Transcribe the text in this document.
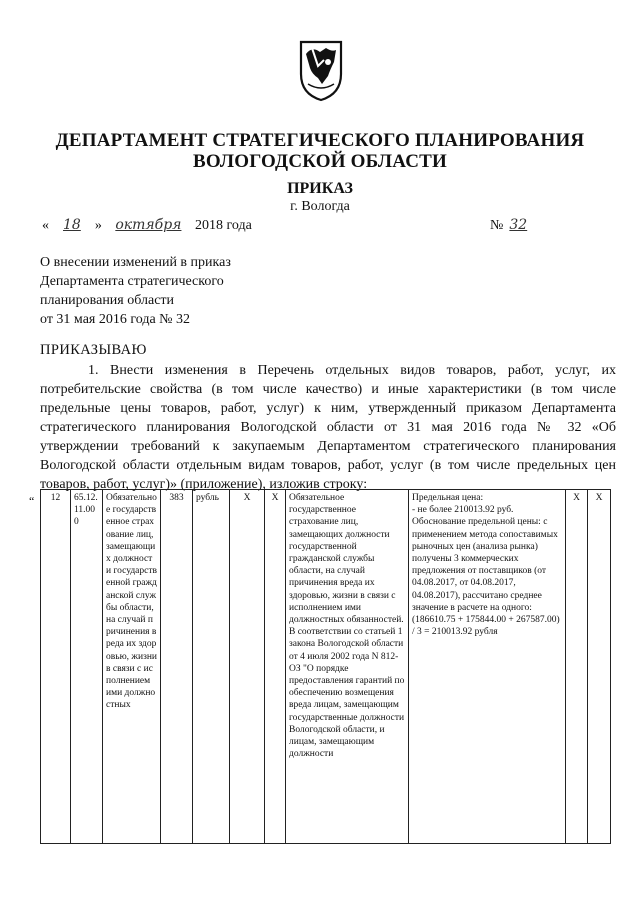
ДЕПАРТАМЕНТ СТРАТЕГИЧЕСКОГО ПЛАНИРОВАНИЯ
ВОЛОГОДСКОЙ ОБЛАСТИ
ПРИКАЗ
г. Вологда
« 18 » октября 2018 года	№ 32
О внесении изменений в приказ
Департамента стратегического
планирования области
от 31 мая 2016 года № 32
ПРИКАЗЫВАЮ

1. Внести изменения в Перечень отдельных видов товаров, работ, услуг, их потребительские свойства (в том числе качество) и иные характеристики (в том числе предельные цены товаров, работ, услуг) к ним, утвержденный приказом Департамента стратегического планирования Вологодской области от 31 мая 2016 года № 32 «Об утверждении требований к закупаемым Департаментом стратегического планирования Вологодской области отдельным видам товаров, работ, услуг (в том числе предельных цен товаров, работ, услуг)» (приложение), изложив строку:

“ 12	65.12.11.000	Обязательное государственное страхование лиц, замещающих должности государственной гражданской службы области, на случай причинения вреда их здоровью, жизни в связи с исполнением ими должностных	383	рубль	X	X	Обязательное государственное страхование лиц, замещающих должности государственной гражданской службы области, на случай причинения вреда их здоровью, жизни в связи с исполнением ими должностных обязанностей. В соответствии со статьей 1 закона Вологодской области от 4 июля 2002 года N 812-ОЗ "О порядке предоставления гарантий по обеспечению возмещения вреда лицам, замещающим государственные должности Вологодской области, и лицам, замещающим должности	Предельная цена:
- не более 210013.92 руб.
Обоснование предельной цены: с применением метода сопоставимых рыночных цен (анализа рынка) получены 3 коммерческих предложения от поставщиков (от 04.08.2017, от 04.08.2017, 04.08.2017), рассчитано среднее значение в расчете на одного:
(186610.75 + 175844.00 + 267587.00) / 3 = 210013.92 рубля	X	X
